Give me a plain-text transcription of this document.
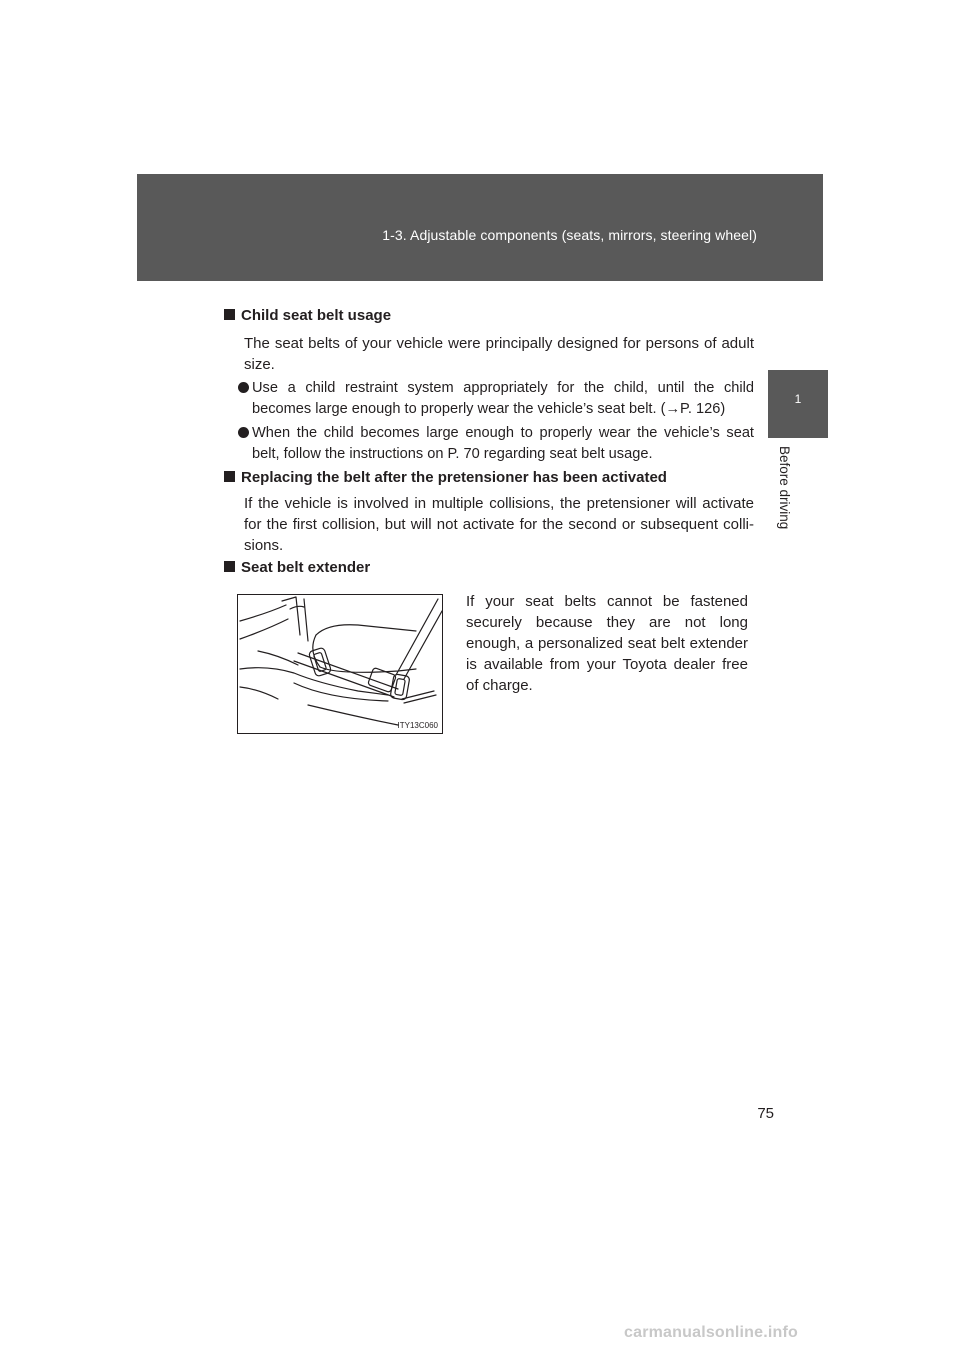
1-3. Adjustable components (seats, mirrors, steering wheel)
1
Before driving
Child seat belt usage
The seat belts of your vehicle were principally designed for persons of adult size.
Use a child restraint system appropriately for the child, until the child becomes large enough to properly wear the vehicle’s seat belt. (→P. 126)
When the child becomes large enough to properly wear the vehicle’s seat belt, follow the instructions on P. 70 regarding seat belt usage.
Replacing the belt after the pretensioner has been activated
If the vehicle is involved in multiple collisions, the pretensioner will activate for the first collision, but will not activate for the second or subsequent colli-sions.
Seat belt extender
ITY13C060
If your seat belts cannot be fastened securely because they are not long enough, a personalized seat belt extender is available from your Toyota dealer free of charge.
75
carmanualsonline.info
